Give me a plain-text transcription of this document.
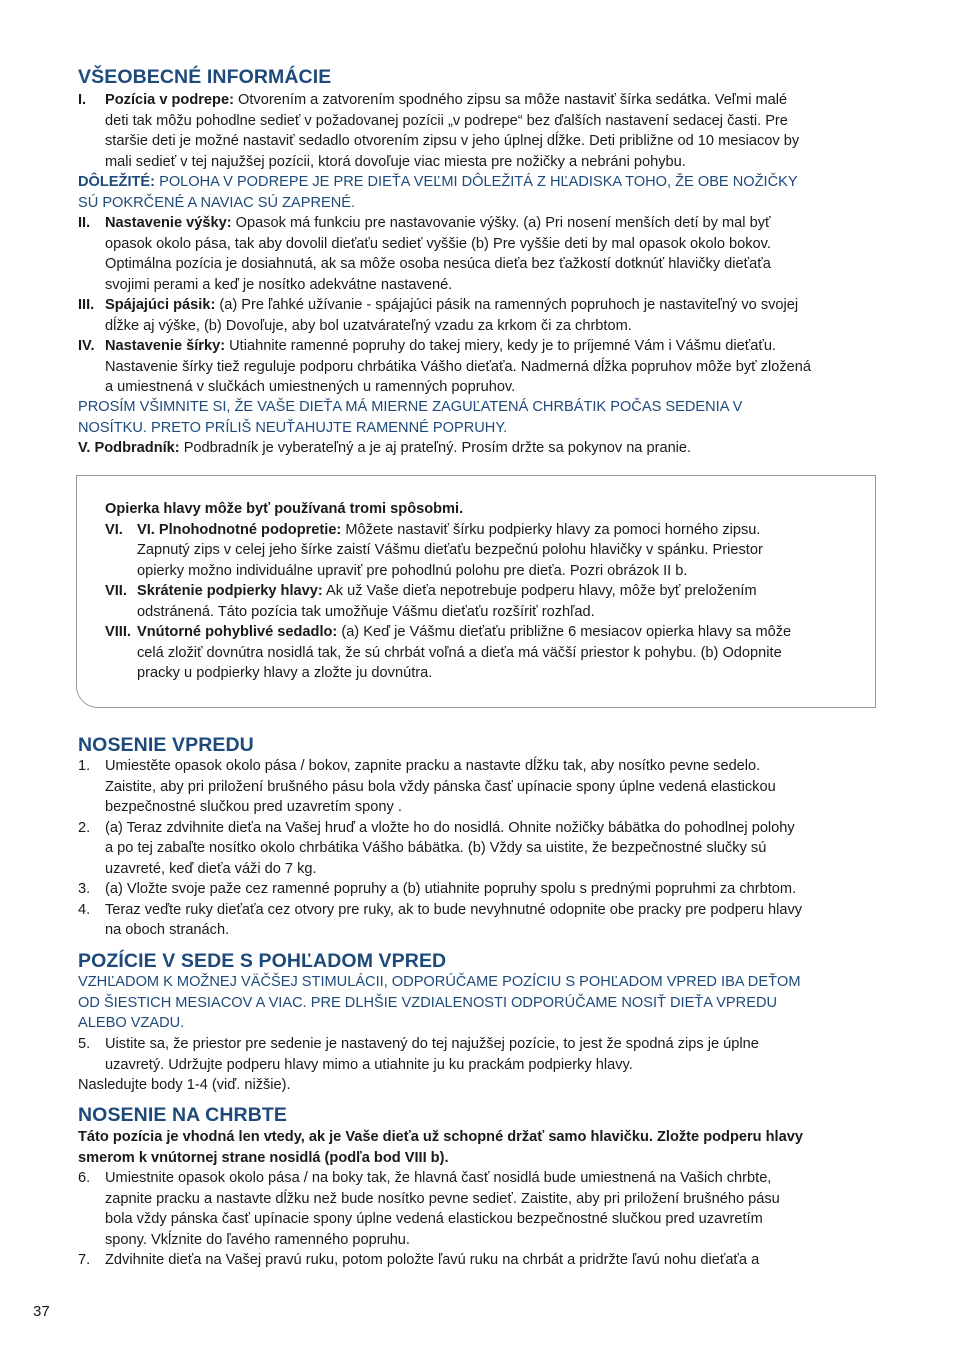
VŠEOBECNÉ INFORMÁCIE
I.	Pozícia v podrepe: Otvorením a zatvorením spodného zipsu sa môže nastaviť šírka sedátka. Veľmi malé
deti tak môžu pohodlne sedieť v požadovanej pozícii „v podrepe“ bez ďalších nastavení sedacej časti. Pre
staršie deti je možné nastaviť sedadlo otvorením zipsu v jeho úplnej dĺžke. Deti približne od 10 mesiacov by
mali sedieť v tej najužšej pozícii, ktorá dovoľuje viac miesta pre nožičky a nebráni pohybu.
DÔLEŽITÉ: POLOHA V PODREPE JE PRE DIEŤA VEĽMI DÔLEŽITÁ Z HĽADISKA TOHO, ŽE OBE NOŽIČKY
SÚ POKRČENÉ A NAVIAC SÚ ZAPRENÉ.
II.	Nastavenie výšky: Opasok má funkciu pre nastavovanie výšky. (a) Pri nosení menších detí by mal byť
opasok okolo pása, tak aby dovolil dieťaťu sedieť vyššie (b) Pre vyššie deti by mal opasok okolo bokov.
Optimálna pozícia je dosiahnutá, ak sa môže osoba nesúca dieťa bez ťažkostí dotknúť hlavičky dieťaťa
svojimi perami a keď je nosítko adekvátne nastavené.
III. Spájajúci pásik: (a) Pre ľahké užívanie - spájajúci pásik na ramenných popruhoch je nastaviteľný vo svojej
dĺžke aj výške, (b) Dovoľuje, aby bol uzatvárateľný vzadu za krkom či za chrbtom.
IV. Nastavenie šírky: Utiahnite ramenné popruhy do takej miery, kedy je to príjemné Vám i Vášmu dieťaťu.
Nastavenie šírky tiež reguluje podporu chrbátika Vášho dieťaťa. Nadmerná dĺžka popruhov môže byť zložená
a umiestnená v slučkách umiestnených u ramenných popruhov.
PROSÍM VŠIMNITE SI, ŽE VAŠE DIEŤA MÁ MIERNE ZAGUĽATENÁ CHRBÁTIK POČAS SEDENIA V
NOSÍTKU. PRETO PRÍLIŠ NEUŤAHUJTE RAMENNÉ POPRUHY.
V. Podbradník: Podbradník je vyberateľný a je aj prateľný. Prosím držte sa pokynov na pranie.
Opierka hlavy môže byť používaná tromi spôsobmi.
VI. VI. Plnohodnotné podopretie: Môžete nastaviť šírku podpierky hlavy za pomoci horného zipsu.
Zapnutý zips v celej jeho šírke zaistí Vášmu dieťaťu bezpečnú polohu hlavičky v spánku. Priestor
opierky možno individuálne upraviť pre pohodlnú polohu pre dieťa. Pozri obrázok II b.
VII. Skrátenie podpierky hlavy: Ak už Vaše dieťa nepotrebuje podperu hlavy, môže byť preložením
odstránená. Táto pozícia tak umožňuje Vášmu dieťaťu rozšíriť rozhľad.
VIII. Vnútorné pohyblivé sedadlo: (a) Keď je Vášmu dieťaťu približne 6 mesiacov opierka hlavy sa môže
celá zložiť dovnútra nosidlá tak, že sú chrbát voľná a dieťa má väčší priestor k pohybu. (b) Odopnite
pracky u podpierky hlavy a zložte ju dovnútra.
NOSENIE VPREDU
1.	Umiestěte opasok okolo pása / bokov, zapnite pracku a nastavte dĺžku tak, aby nosítko pevne sedelo.
Zaistite, aby pri priložení brušného pásu bola vždy pánska časť upínacie spony úplne vedená elastickou
bezpečnostné slučkou pred uzavretím spony .
2.	(a) Teraz zdvihnite dieťa na Vašej hruď a vložte ho do nosidlá. Ohnite nožičky bábätka do pohodlnej polohy
a po tej zabaľte nosítko okolo chrbátika Vášho bábätka. (b) Vždy sa uistite, že bezpečnostné slučky sú
uzavreté, keď dieťa váži do 7 kg.
3.	(a) Vložte svoje paže cez ramenné popruhy a (b) utiahnite popruhy spolu s prednými popruhmi za chrbtom.
4.	Teraz veďte ruky dieťaťa cez otvory pre ruky, ak to bude nevyhnutné odopnite obe pracky pre podperu hlavy
na oboch stranách.
POZÍCIE V SEDE S POHĽADOM VPRED
VZHĽADOM K MOŽNEJ VÄČŠEJ STIMULÁCII, ODPORÚČAME POZÍCIU S POHĽADOM VPRED IBA DEŤOM
OD ŠIESTICH MESIACOV A VIAC. PRE DLHŠIE VZDIALENOSTI ODPORÚČAME NOSIŤ DIEŤA VPREDU
ALEBO VZADU.
5.	Uistite sa, že priestor pre sedenie je nastavený do tej najužšej pozície, to jest že spodná zips je úplne
uzavretý. Udržujte podperu hlavy mimo a utiahnite ju ku prackám podpierky hlavy.
Nasledujte body 1-4 (viď. nižšie).
NOSENIE NA CHRBTE
Táto pozícia je vhodná len vtedy, ak je Vaše dieťa už schopné držať samo hlavičku. Zložte podperu hlavy
smerom k vnútornej strane nosidlá (podľa bod VIII b).
6.	Umiestnite opasok okolo pása / na boky tak, že hlavná časť nosidlá bude umiestnená na Vašich chrbte,
zapnite pracku a nastavte dĺžku než bude nosítko pevne sedieť. Zaistite, aby pri priložení brušného pásu
bola vždy pánska časť upínacie spony úplne vedená elastickou bezpečnostné slučkou pred uzavretím
spony. Vkĺznite do ľavého ramenného popruhu.
7.	Zdvihnite dieťa na Vašej pravú ruku, potom položte ľavú ruku na chrbát a pridržte ľavú nohu dieťaťa a
37
